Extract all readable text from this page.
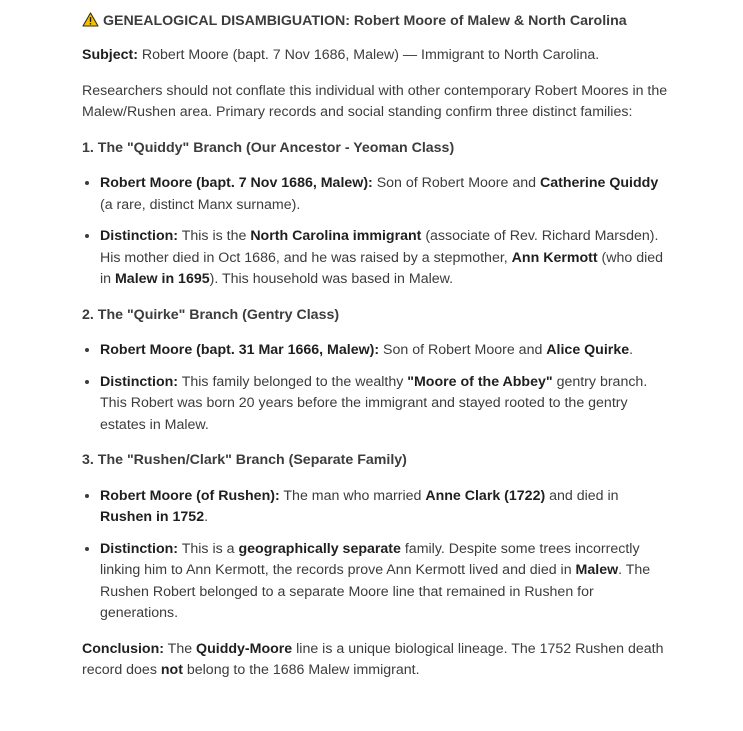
GENEALOGICAL DISAMBIGUATION: Robert Moore of Malew & North Carolina

Subject: Robert Moore (bapt. 7 Nov 1686, Malew) — Immigrant to North Carolina.

Researchers should not conflate this individual with other contemporary Robert Moores in the Malew/Rushen area. Primary records and social standing confirm three distinct families:

1. The "Quiddy" Branch (Our Ancestor - Yeoman Class)
• Robert Moore (bapt. 7 Nov 1686, Malew): Son of Robert Moore and Catherine Quiddy (a rare, distinct Manx surname).
• Distinction: This is the North Carolina immigrant (associate of Rev. Richard Marsden). His mother died in Oct 1686, and he was raised by a stepmother, Ann Kermott (who died in Malew in 1695). This household was based in Malew.
2. The "Quirke" Branch (Gentry Class)
• Robert Moore (bapt. 31 Mar 1666, Malew): Son of Robert Moore and Alice Quirke.
• Distinction: This family belonged to the wealthy "Moore of the Abbey" gentry branch. This Robert was born 20 years before the immigrant and stayed rooted to the gentry estates in Malew.
3. The "Rushen/Clark" Branch (Separate Family)
• Robert Moore (of Rushen): The man who married Anne Clark (1722) and died in Rushen in 1752.
• Distinction: This is a geographically separate family. Despite some trees incorrectly linking him to Ann Kermott, the records prove Ann Kermott lived and died in Malew. The Rushen Robert belonged to a separate Moore line that remained in Rushen for generations.

Conclusion: The Quiddy-Moore line is a unique biological lineage. The 1752 Rushen death record does not belong to the 1686 Malew immigrant.
